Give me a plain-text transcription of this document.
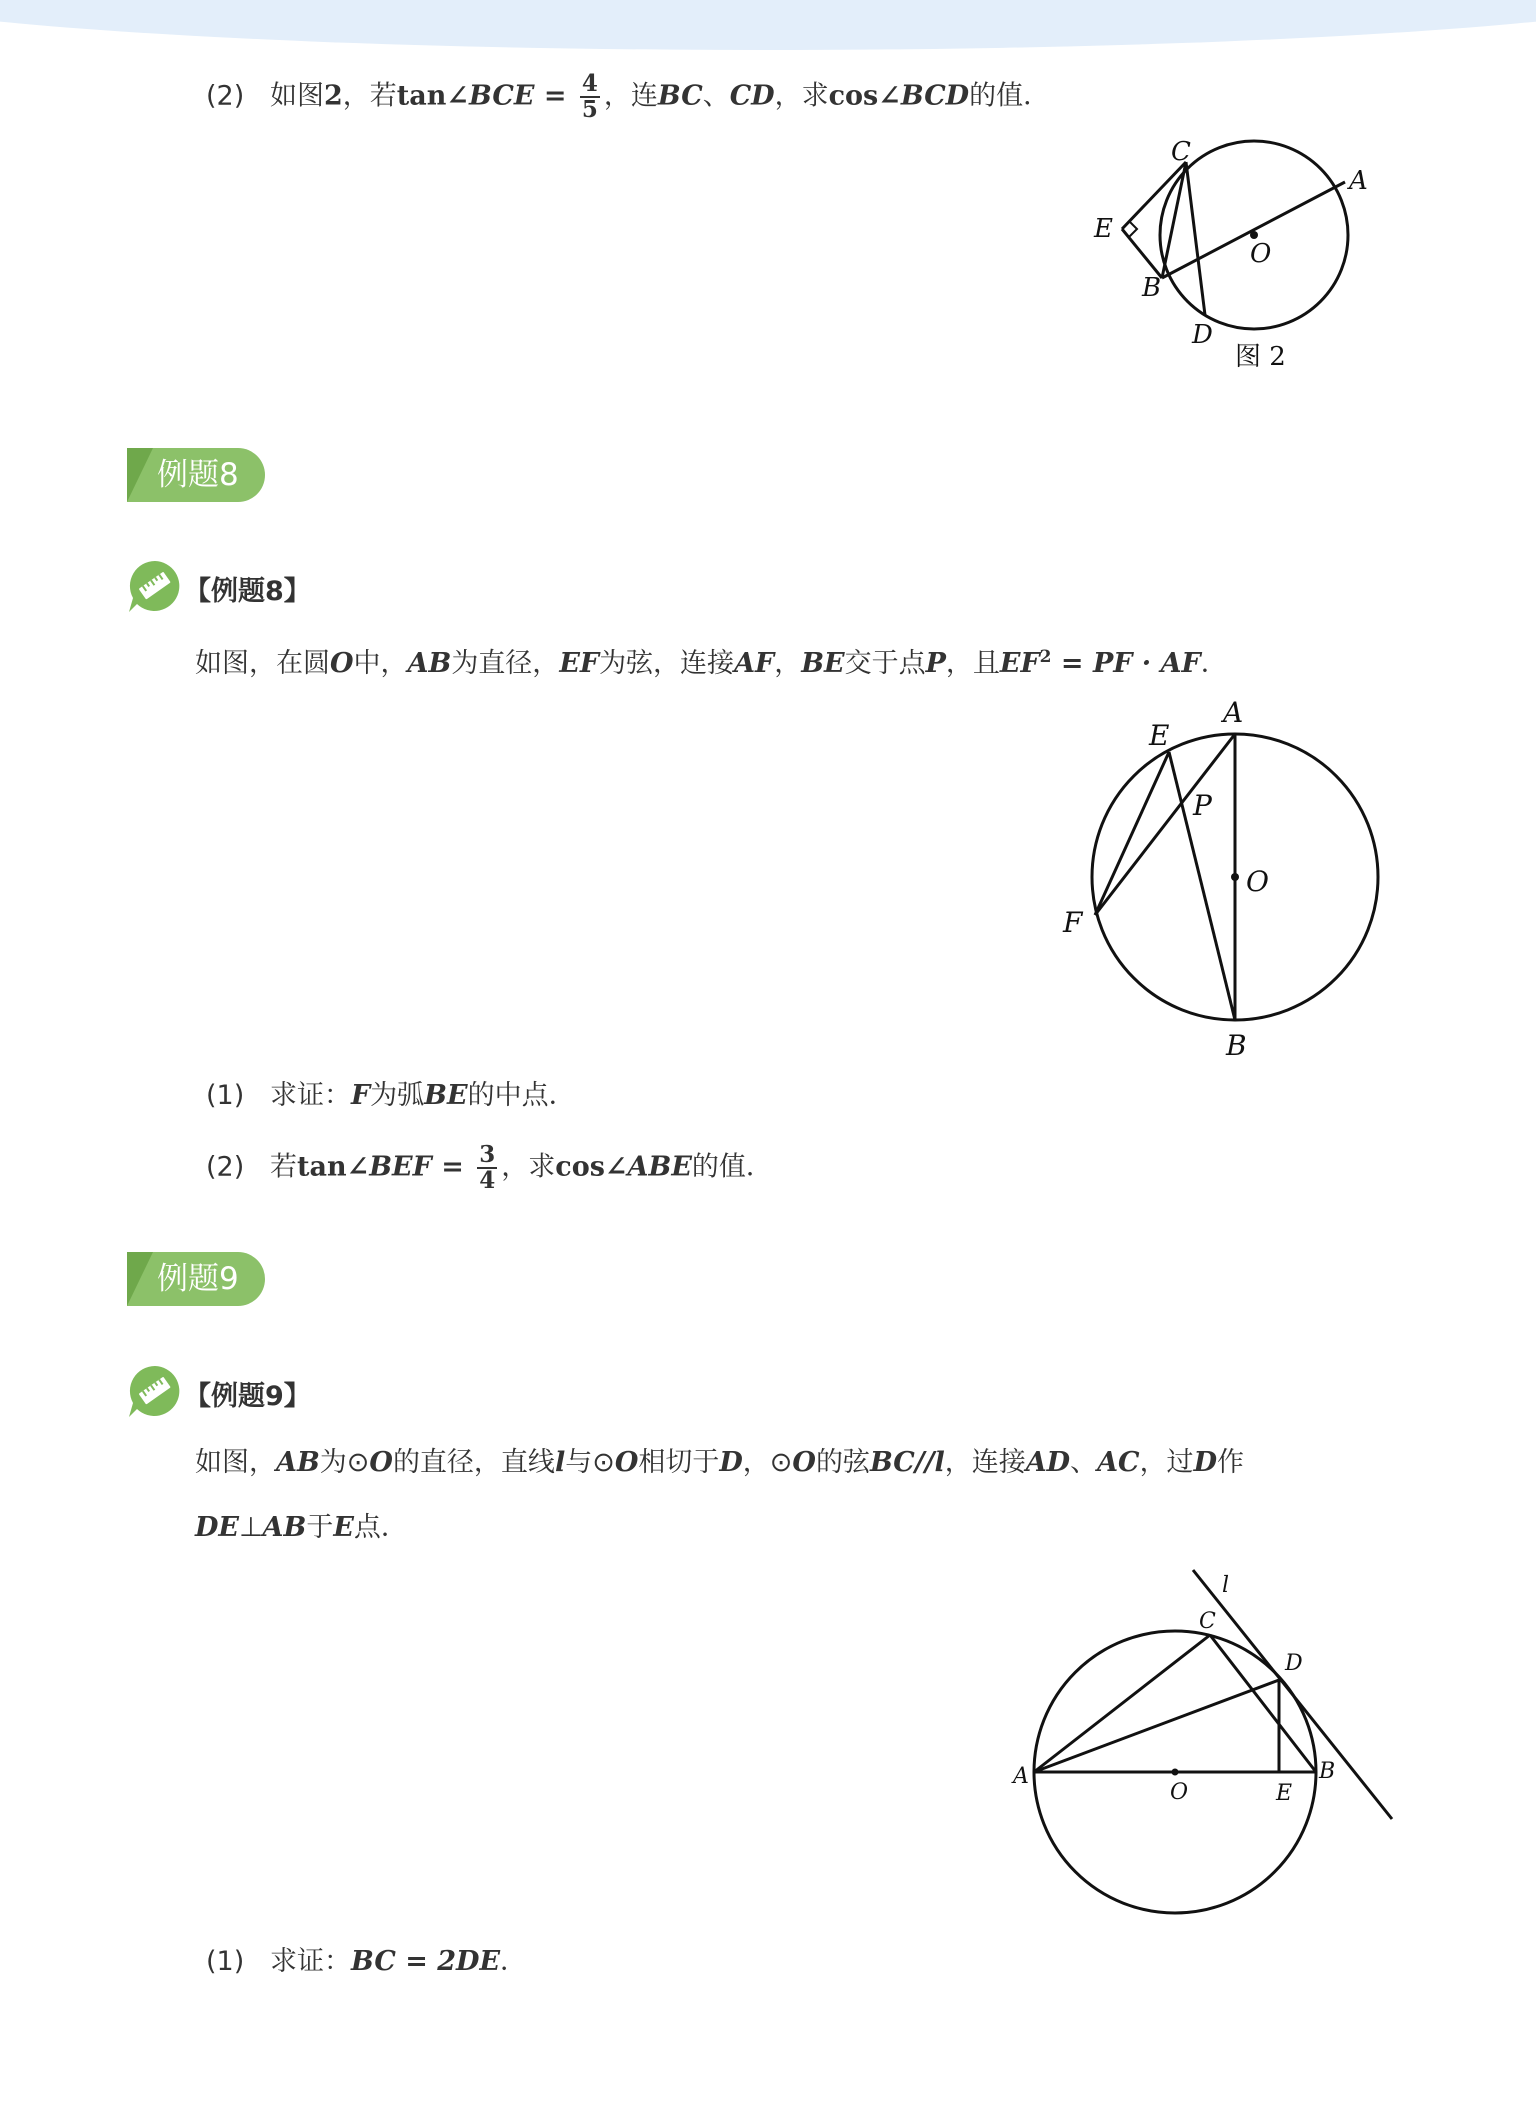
(2) 如图2，若tan∠BCE = $\frac{4}{5}$ ，连BC、CD，求cos∠BCD的值．
C
A
E
O
B
D
图 2
例题8
【例题8】
如图，在圆O中，AB为直径，EF为弦，连接AF，BE交于点P，且$EF^2$ = PF · AF．
A
E
P
O
F
B
(1) 求证：F为弧BE的中点．
(2) 若tan∠BEF = $\frac{3}{4}$ ，求cos∠ABE的值．
例题9
【例题9】
如图，AB为⊙O的直径，直线l与⊙O相切于D，⊙O的弦BC//l，连接AD、AC，过D作
DE⊥AB于E点．
l
C
D
A
O	E
B
(1) 求证：BC = 2DE．
